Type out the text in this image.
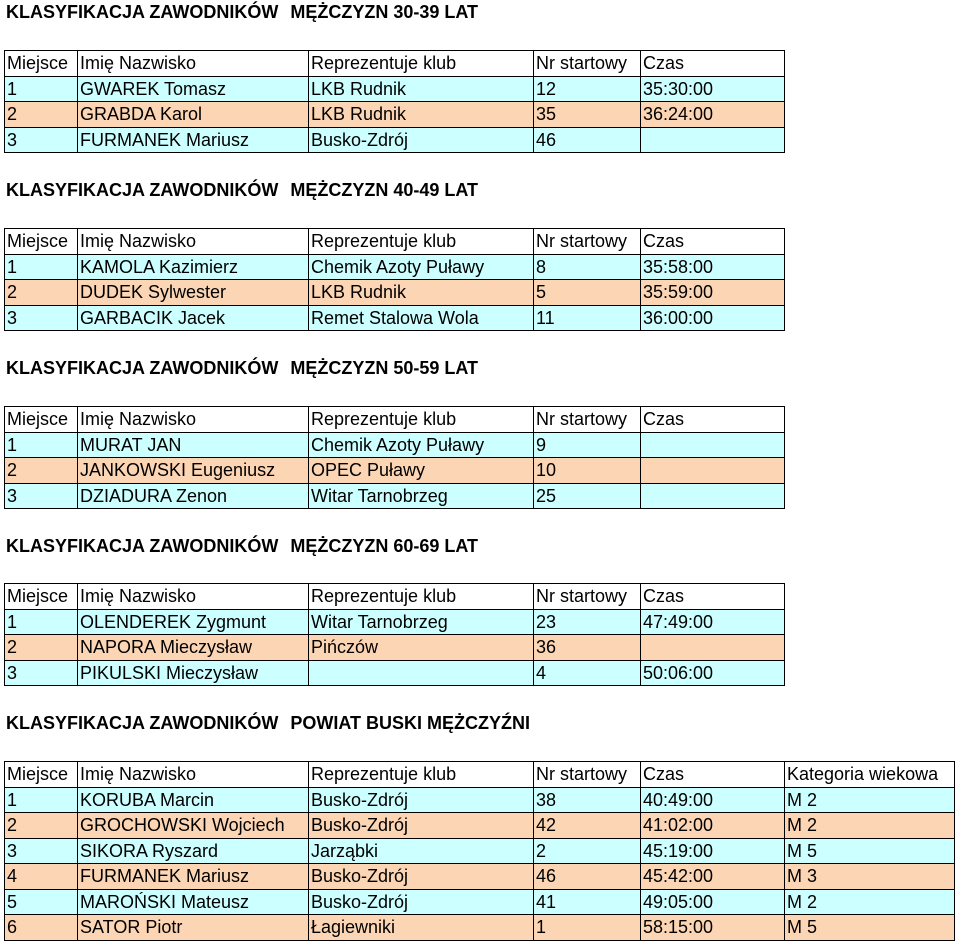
KLASYFIKACJA ZAWODNIKÓW MĘŻCZYZN 30-39 LAT
Miejsce	Imię Nazwisko	Reprezentuje klub	Nr startowy	Czas
1	GWAREK Tomasz	LKB Rudnik	12	35:30:00
2	GRABDA Karol	LKB Rudnik	35	36:24:00
3	FURMANEK Mariusz	Busko-Zdrój	46	
KLASYFIKACJA ZAWODNIKÓW MĘŻCZYZN 40-49 LAT
Miejsce	Imię Nazwisko	Reprezentuje klub	Nr startowy	Czas
1	KAMOLA Kazimierz	Chemik Azoty Puławy	8	35:58:00
2	DUDEK Sylwester	LKB Rudnik	5	35:59:00
3	GARBACIK Jacek	Remet Stalowa Wola	11	36:00:00
KLASYFIKACJA ZAWODNIKÓW MĘŻCZYZN 50-59 LAT
Miejsce	Imię Nazwisko	Reprezentuje klub	Nr startowy	Czas
1	MURAT JAN	Chemik Azoty Puławy	9	
2	JANKOWSKI Eugeniusz	OPEC Puławy	10	
3	DZIADURA Zenon	Witar Tarnobrzeg	25	
KLASYFIKACJA ZAWODNIKÓW MĘŻCZYZN 60-69 LAT
Miejsce	Imię Nazwisko	Reprezentuje klub	Nr startowy	Czas
1	OLENDEREK Zygmunt	Witar Tarnobrzeg	23	47:49:00
2	NAPORA Mieczysław	Pińczów	36	
3	PIKULSKI Mieczysław		4	50:06:00
KLASYFIKACJA ZAWODNIKÓW POWIAT BUSKI MĘŻCZYŹNI
Miejsce	Imię Nazwisko	Reprezentuje klub	Nr startowy	Czas	Kategoria wiekowa
1	KORUBA Marcin	Busko-Zdrój	38	40:49:00	M 2
2	GROCHOWSKI Wojciech	Busko-Zdrój	42	41:02:00	M 2
3	SIKORA Ryszard	Jarząbki	2	45:19:00	M 5
4	FURMANEK Mariusz	Busko-Zdrój	46	45:42:00	M 3
5	MAROŃSKI Mateusz	Busko-Zdrój	41	49:05:00	M 2
6	SATOR Piotr	Łagiewniki	1	58:15:00	M 5
